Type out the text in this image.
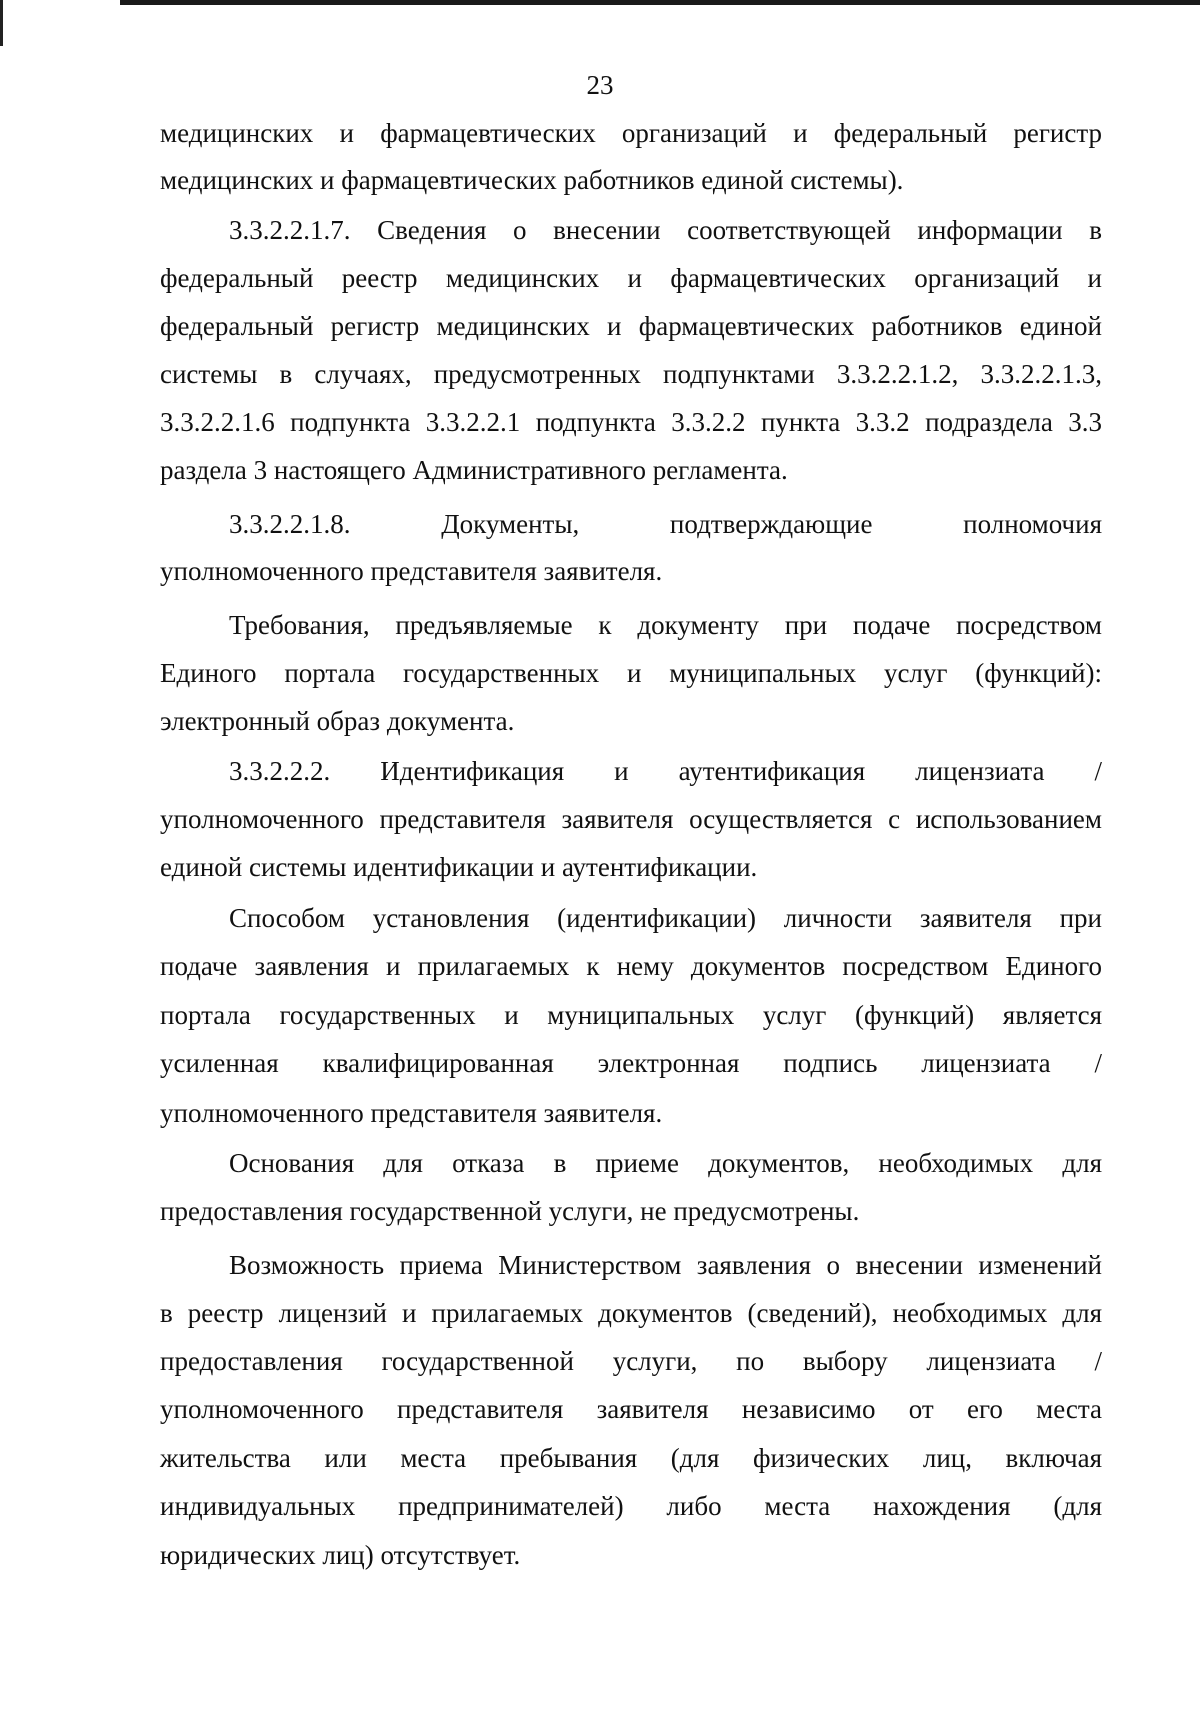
23
медицинских и фармацевтических организаций и федеральный регистр
медицинских и фармацевтических работников единой системы).
3.3.2.2.1.7. Сведения о внесении соответствующей информации в
федеральный реестр медицинских и фармацевтических организаций и
федеральный регистр медицинских и фармацевтических работников единой
системы в случаях, предусмотренных подпунктами 3.3.2.2.1.2, 3.3.2.2.1.3,
3.3.2.2.1.6 подпункта 3.3.2.2.1 подпункта 3.3.2.2 пункта 3.3.2 подраздела 3.3
раздела 3 настоящего Административного регламента.
3.3.2.2.1.8. Документы, подтверждающие полномочия
уполномоченного представителя заявителя.
Требования, предъявляемые к документу при подаче посредством
Единого портала государственных и муниципальных услуг (функций):
электронный образ документа.
3.3.2.2.2. Идентификация и аутентификация лицензиата /
уполномоченного представителя заявителя осуществляется с использованием
единой системы идентификации и аутентификации.
Способом установления (идентификации) личности заявителя при
подаче заявления и прилагаемых к нему документов посредством Единого
портала государственных и муниципальных услуг (функций) является
усиленная квалифицированная электронная подпись лицензиата /
уполномоченного представителя заявителя.
Основания для отказа в приеме документов, необходимых для
предоставления государственной услуги, не предусмотрены.
Возможность приема Министерством заявления о внесении изменений
в реестр лицензий и прилагаемых документов (сведений), необходимых для
предоставления государственной услуги, по выбору лицензиата /
уполномоченного представителя заявителя независимо от его места
жительства или места пребывания (для физических лиц, включая
индивидуальных предпринимателей) либо места нахождения (для
юридических лиц) отсутствует.
